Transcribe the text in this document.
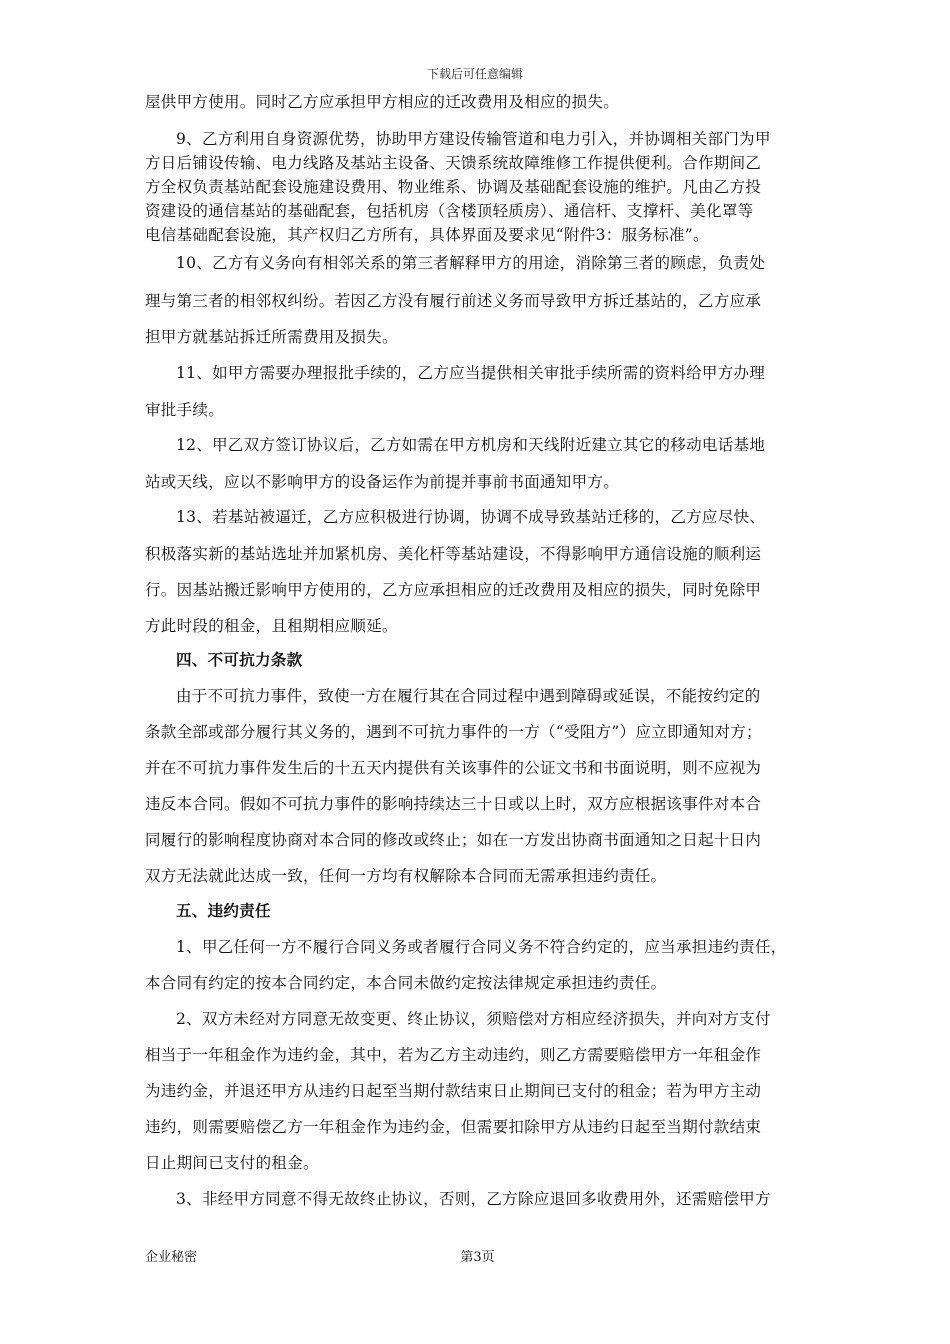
下载后可任意编辑
屋供甲方使用。同时乙方应承担甲方相应的迁改费用及相应的损失。
9、乙方利用自身资源优势，协助甲方建设传输管道和电力引入，并协调相关部门为甲
方日后铺设传输、电力线路及基站主设备、天馈系统故障维修工作提供便利。合作期间乙
方全权负责基站配套设施建设费用、物业维系、协调及基础配套设施的维护。凡由乙方投
资建设的通信基站的基础配套，包括机房（含楼顶轻质房）、通信杆、支撑杆、美化罩等
电信基础配套设施，其产权归乙方所有，具体界面及要求见“附件3：服务标准”。
10、乙方有义务向有相邻关系的第三者解释甲方的用途，消除第三者的顾虑，负责处
理与第三者的相邻权纠纷。若因乙方没有履行前述义务而导致甲方拆迁基站的，乙方应承
担甲方就基站拆迁所需费用及损失。
11、如甲方需要办理报批手续的，乙方应当提供相关审批手续所需的资料给甲方办理
审批手续。
12、甲乙双方签订协议后，乙方如需在甲方机房和天线附近建立其它的移动电话基地
站或天线，应以不影响甲方的设备运作为前提并事前书面通知甲方。
13、若基站被逼迁，乙方应积极进行协调，协调不成导致基站迁移的，乙方应尽快、
积极落实新的基站选址并加紧机房、美化杆等基站建设，不得影响甲方通信设施的顺利运
行。因基站搬迁影响甲方使用的，乙方应承担相应的迁改费用及相应的损失，同时免除甲
方此时段的租金，且租期相应顺延。
四、不可抗力条款
由于不可抗力事件，致使一方在履行其在合同过程中遇到障碍或延误，不能按约定的
条款全部或部分履行其义务的，遇到不可抗力事件的一方（“受阻方”）应立即通知对方；
并在不可抗力事件发生后的十五天内提供有关该事件的公证文书和书面说明，则不应视为
违反本合同。假如不可抗力事件的影响持续达三十日或以上时，双方应根据该事件对本合
同履行的影响程度协商对本合同的修改或终止；如在一方发出协商书面通知之日起十日内
双方无法就此达成一致，任何一方均有权解除本合同而无需承担违约责任。
五、违约责任
1、甲乙任何一方不履行合同义务或者履行合同义务不符合约定的，应当承担违约责任，
本合同有约定的按本合同约定，本合同未做约定按法律规定承担违约责任。
2、双方未经对方同意无故变更、终止协议，须赔偿对方相应经济损失，并向对方支付
相当于一年租金作为违约金，其中，若为乙方主动违约，则乙方需要赔偿甲方一年租金作
为违约金，并退还甲方从违约日起至当期付款结束日止期间已支付的租金；若为甲方主动
违约，则需要赔偿乙方一年租金作为违约金，但需要扣除甲方从违约日起至当期付款结束
日止期间已支付的租金。
3、非经甲方同意不得无故终止协议，否则，乙方除应退回多收费用外，还需赔偿甲方
企业秘密	第3页
